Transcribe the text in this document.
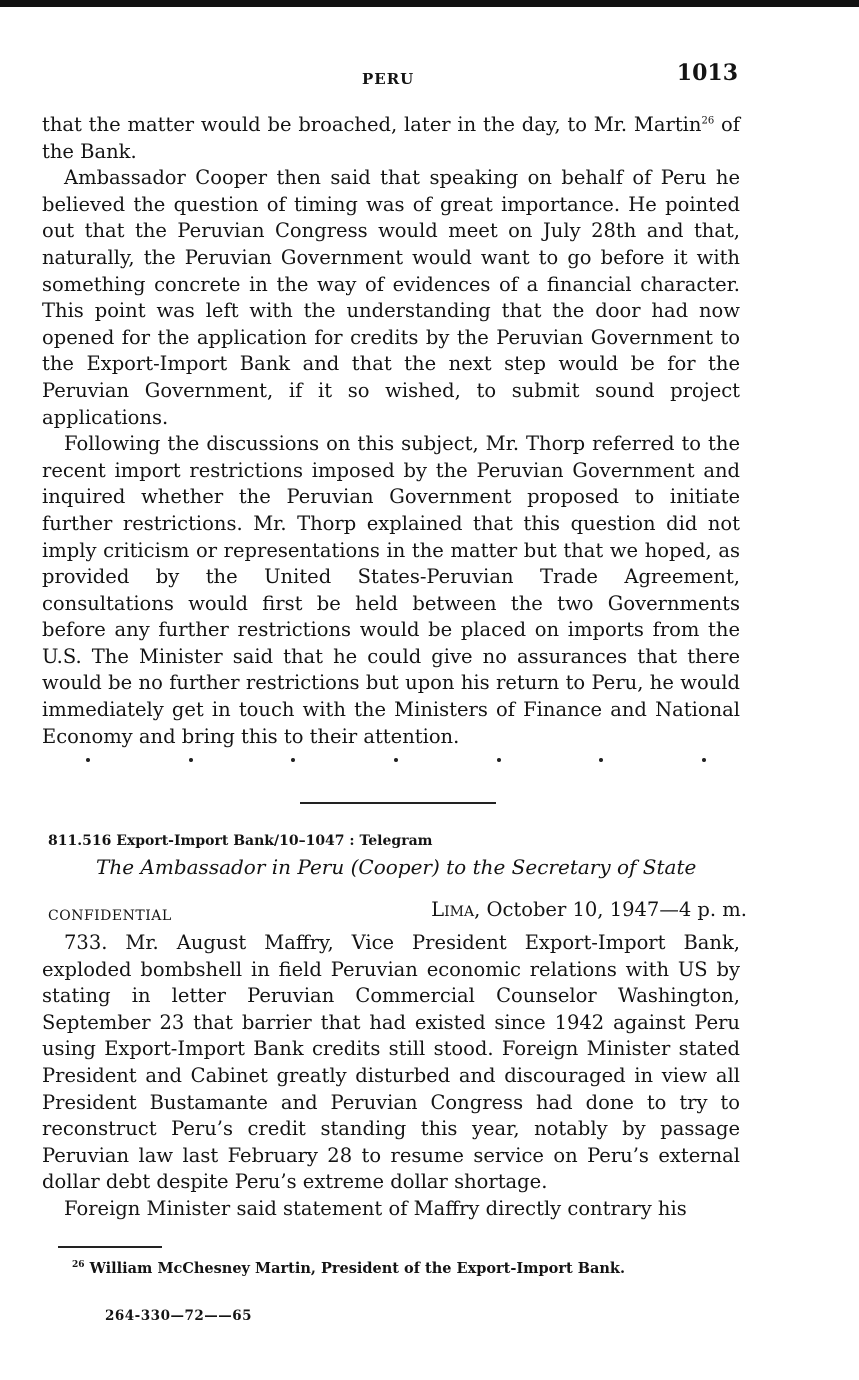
PERU	1013

that the matter would be broached, later in the day, to Mr. Martin$^{26}$ of the Bank.

Ambassador Cooper then said that speaking on behalf of Peru he believed the question of timing was of great importance. He pointed out that the Peruvian Congress would meet on July 28th and that, naturally, the Peruvian Government would want to go before it with something concrete in the way of evidences of a financial character. This point was left with the understanding that the door had now opened for the application for credits by the Peruvian Government to the Export-Import Bank and that the next step would be for the Peruvian Government, if it so wished, to submit sound project applications.

Following the discussions on this subject, Mr. Thorp referred to the recent import restrictions imposed by the Peruvian Government and inquired whether the Peruvian Government proposed to initiate further restrictions. Mr. Thorp explained that this question did not imply criticism or representations in the matter but that we hoped, as provided by the United States-Peruvian Trade Agreement, consultations would first be held between the two Governments before any further restrictions would be placed on imports from the U.S. The Minister said that he could give no assurances that there would be no further restrictions but upon his return to Peru, he would immediately get in touch with the Ministers of Finance and National Economy and bring this to their attention.

811.516 Export-Import Bank/10–1047 : Telegram
The Ambassador in Peru (Cooper) to the Secretary of State
CONFIDENTIAL	Lima, October 10, 1947—4 p. m.

733. Mr. August Maffry, Vice President Export-Import Bank, exploded bombshell in field Peruvian economic relations with US by stating in letter Peruvian Commercial Counselor Washington, September 23 that barrier that had existed since 1942 against Peru using Export-Import Bank credits still stood. Foreign Minister stated President and Cabinet greatly disturbed and discouraged in view all President Bustamante and Peruvian Congress had done to try to reconstruct Peru’s credit standing this year, notably by passage Peruvian law last February 28 to resume service on Peru’s external dollar debt despite Peru’s extreme dollar shortage.

Foreign Minister said statement of Maffry directly contrary his

$^{26}$ William McChesney Martin, President of the Export-Import Bank.
264-330—72——65
